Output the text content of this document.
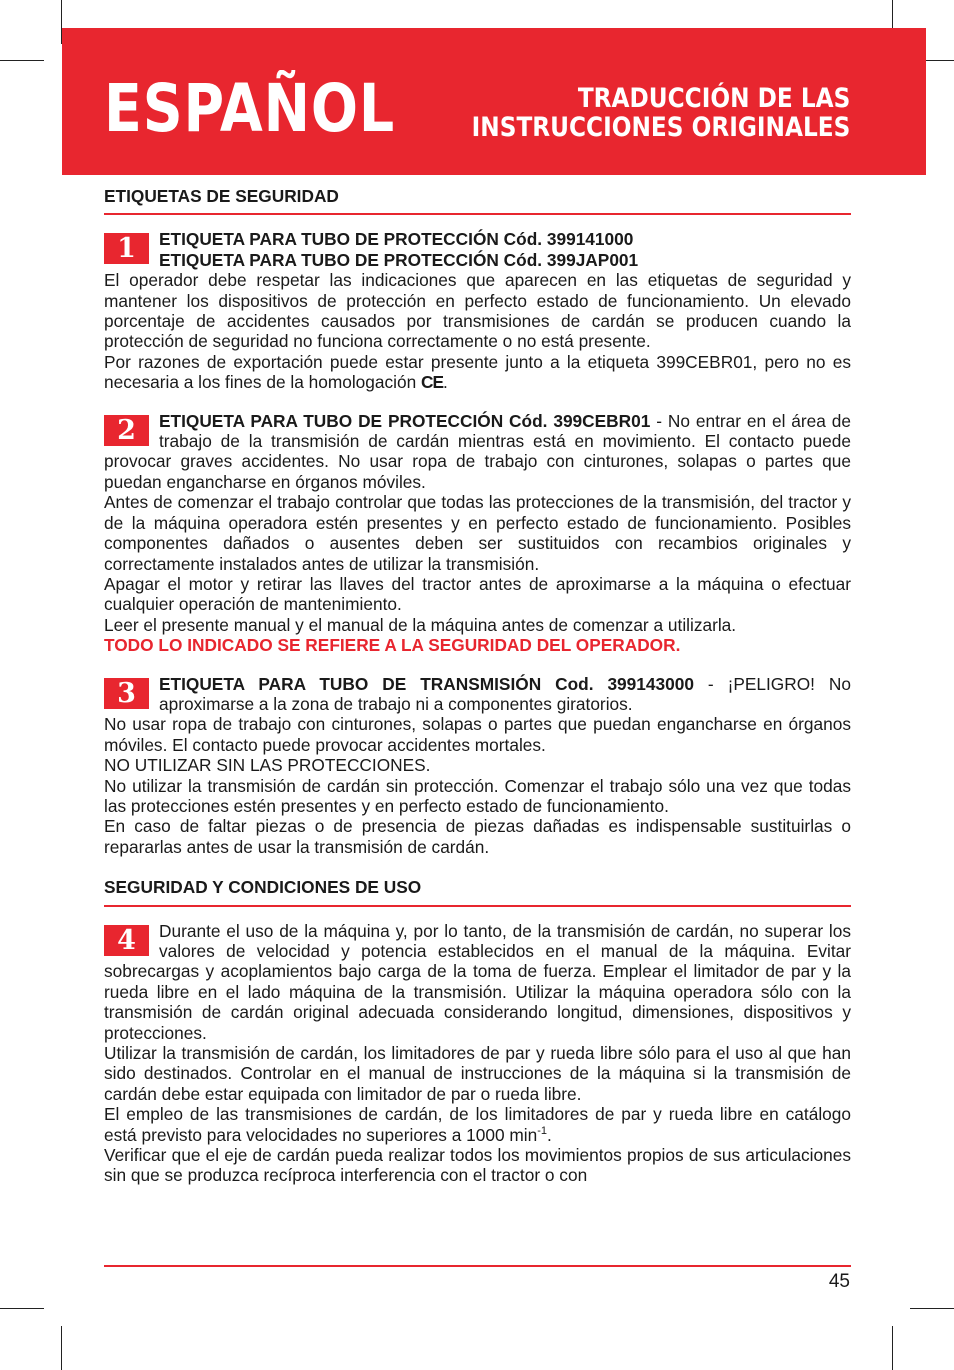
ESPAÑOL	TRADUCCIÓN DE LAS
INSTRUCCIONES ORIGINALES
ETIQUETAS DE SEGURIDAD
1	ETIQUETA PARA TUBO DE PROTECCIÓN Cód. 399141000
ETIQUETA PARA TUBO DE PROTECCIÓN Cód. 399JAP001

El operador debe respetar las indicaciones que aparecen en las etiquetas de seguridad y mantener los dispositivos de protección en perfecto estado de funcionamiento. Un elevado porcentaje de accidentes causados por transmisiones de cardán se producen cuando la protección de seguridad no funciona correctamente o no está presente.

Por razones de exportación puede estar presente junto a la etiqueta 399CEBR01, pero no es necesaria a los fines de la homologación CE.

2	ETIQUETA PARA TUBO DE PROTECCIÓN Cód. 399CEBR01 - No entrar en el área de trabajo de la transmisión de cardán mientras está en movimiento. El contacto puede provocar graves accidentes. No usar ropa de trabajo con cinturones, solapas o partes que puedan engancharse en órganos móviles.

Antes de comenzar el trabajo controlar que todas las protecciones de la transmisión, del tractor y de la máquina operadora estén presentes y en perfecto estado de funcionamiento. Posibles componentes dañados o ausentes deben ser sustituidos con recambios originales y correctamente instalados antes de utilizar la transmisión.

Apagar el motor y retirar las llaves del tractor antes de aproximarse a la máquina o efectuar cualquier operación de mantenimiento.

Leer el presente manual y el manual de la máquina antes de comenzar a utilizarla.

TODO LO INDICADO SE REFIERE A LA SEGURIDAD DEL OPERADOR.

3	ETIQUETA PARA TUBO DE TRANSMISIÓN Cod. 399143000 - ¡PELIGRO! No aproximarse a la zona de trabajo ni a componentes giratorios.

No usar ropa de trabajo con cinturones, solapas o partes que puedan engancharse en órganos móviles. El contacto puede provocar accidentes mortales.

NO UTILIZAR SIN LAS PROTECCIONES.

No utilizar la transmisión de cardán sin protección. Comenzar el trabajo sólo una vez que todas las protecciones estén presentes y en perfecto estado de funcionamiento.

En caso de faltar piezas o de presencia de piezas dañadas es indispensable sustituirlas o repararlas antes de usar la transmisión de cardán.

SEGURIDAD Y CONDICIONES DE USO
4	Durante el uso de la máquina y, por lo tanto, de la transmisión de cardán, no superar los valores de velocidad y potencia establecidos en el manual de la máquina. Evitar sobrecargas y acoplamientos bajo carga de la toma de fuerza. Emplear el limitador de par y la rueda libre en el lado máquina de la transmisión. Utilizar la máquina operadora sólo con la transmisión de cardán original adecuada considerando longitud, dimensiones, dispositivos y protecciones.

Utilizar la transmisión de cardán, los limitadores de par y rueda libre sólo para el uso al que han sido destinados. Controlar en el manual de instrucciones de la máquina si la transmisión de cardán debe estar equipada con limitador de par o rueda libre.

El empleo de las transmisiones de cardán, de los limitadores de par y rueda libre en catálogo está previsto para velocidades no superiores a 1000 $\min^{-1}$.

Verificar que el eje de cardán pueda realizar todos los movimientos propios de sus articulaciones sin que se produzca recíproca interferencia con el tractor o con

45
